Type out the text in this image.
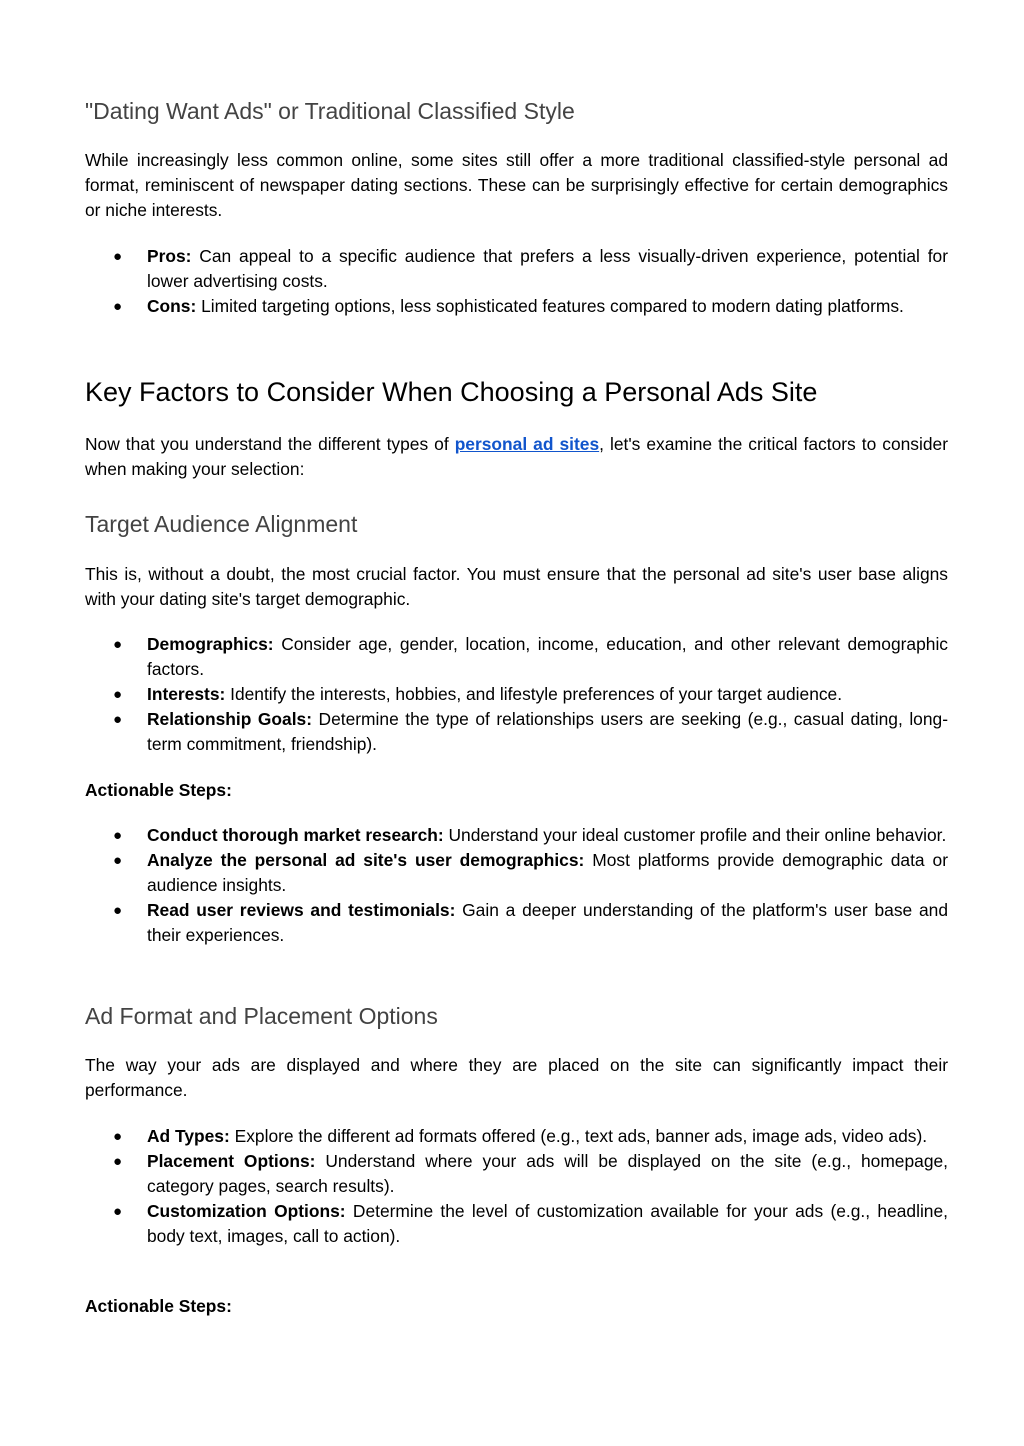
"Dating Want Ads" or Traditional Classified Style

While increasingly less common online, some sites still offer a more traditional classified-style personal ad format, reminiscent of newspaper dating sections. These can be surprisingly effective for certain demographics or niche interests.

● Pros: Can appeal to a specific audience that prefers a less visually-driven experience, potential for lower advertising costs.
● Cons: Limited targeting options, less sophisticated features compared to modern dating platforms.
Key Factors to Consider When Choosing a Personal Ads Site

Now that you understand the different types of personal ad sites, let's examine the critical factors to consider when making your selection:

Target Audience Alignment

This is, without a doubt, the most crucial factor. You must ensure that the personal ad site's user base aligns with your dating site's target demographic.

● Demographics: Consider age, gender, location, income, education, and other relevant demographic factors.
● Interests: Identify the interests, hobbies, and lifestyle preferences of your target audience.
● Relationship Goals: Determine the type of relationships users are seeking (e.g., casual dating, long-term commitment, friendship).

Actionable Steps:

● Conduct thorough market research: Understand your ideal customer profile and their online behavior.
● Analyze the personal ad site's user demographics: Most platforms provide demographic data or audience insights.
● Read user reviews and testimonials: Gain a deeper understanding of the platform's user base and their experiences.
Ad Format and Placement Options

The way your ads are displayed and where they are placed on the site can significantly impact their performance.

● Ad Types: Explore the different ad formats offered (e.g., text ads, banner ads, image ads, video ads).
● Placement Options: Understand where your ads will be displayed on the site (e.g., homepage, category pages, search results).
● Customization Options: Determine the level of customization available for your ads (e.g., headline, body text, images, call to action).

Actionable Steps:
